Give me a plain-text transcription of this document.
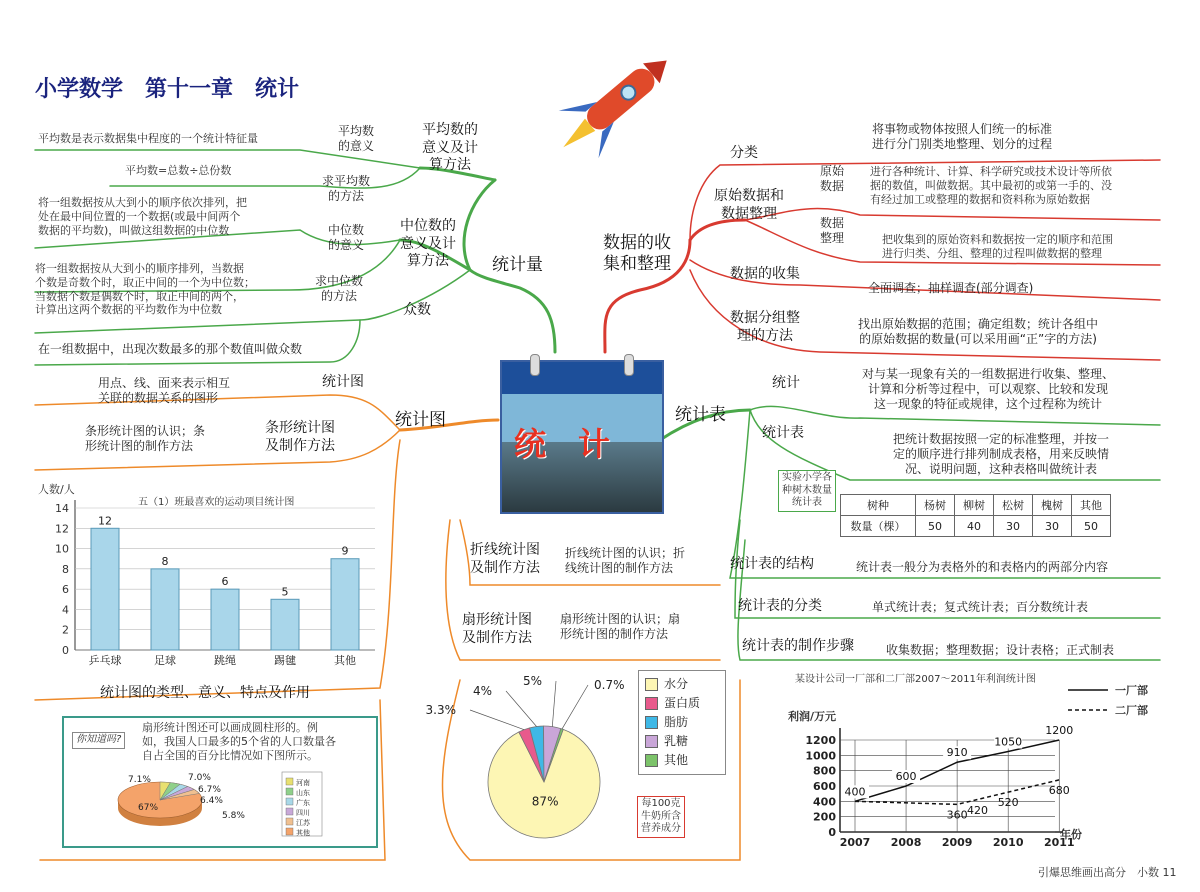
小学数学　第十一章　统计
统　计
统计量
平均数的
意义及计
算方法
平均数
的意义
平均数是表示数据集中程度的一个统计特征量
求平均数
的方法
平均数=总数÷总份数
中位数的
意义及计
算方法
中位数
的意义
将一组数据按从大到小的顺序依次排列，把
处在最中间位置的一个数据(或最中间两个
数据的平均数)，叫做这组数据的中位数
求中位数
的方法
将一组数据按从大到小的顺序排列，当数据
个数是奇数个时，取正中间的一个为中位数；
当数据个数是偶数个时，取正中间的两个，
计算出这两个数据的平均数作为中位数	众数
在一组数据中，出现次数最多的那个数值叫做众数
数据的收
集和整理
分类
将事物或物体按照人们统一的标准
进行分门别类地整理、划分的过程
原始数据和
数据整理
原始
数据
进行各种统计、计算、科学研究或技术设计等所依
据的数值，叫做数据。其中最初的或第一手的、没
有经过加工或整理的数据和资料称为原始数据
数据
整理	把收集到的原始资料和数据按一定的顺序和范围
进行归类、分组、整理的过程叫做数据的整理
数据的收集
全面调查；抽样调查(部分调查)
数据分组整
理的方法
找出原始数据的范围；确定组数；统计各组中
的原始数据的数量(可以采用画“正”字的方法)
统计表
统计
对与某一现象有关的一组数据进行收集、整理、
计算和分析等过程中，可以观察、比较和发现
这一现象的特征或规律，这个过程称为统计
统计表	把统计数据按照一定的标准整理，并按一
定的顺序进行排列制成表格，用来反映情
况、说明问题，这种表格叫做统计表
实验小学各
种树木数量
统计表	树种	杨树	柳树	松树	槐树	其他
数量（棵）	50	40	30	30	50
统计表的结构	统计表一般分为表格外的和表格内的两部分内容
统计表的分类	单式统计表；复式统计表；百分数统计表
统计表的制作步骤	收集数据；整理数据；设计表格；正式制表
统计图
统计图
用点、线、面来表示相互
关联的数据关系的图形
条形统计图
及制作方法
条形统计图的认识；条
形统计图的制作方法
折线统计图
及制作方法
折线统计图的认识；折
线统计图的制作方法
扇形统计图
及制作方法
扇形统计图的认识；扇
形统计图的制作方法
统计图的类型、意义、特点及作用
0
2
4
6
8
10
12
14
12
乒乓球
8
足球
6
跳绳
5
踢毽
9
其他
人数/人
五（1）班最喜欢的运动项目统计图
87%
3.3%
4%
5%	0.7%	水分
蛋白质
脂肪
乳糖
其他
每100克
牛奶所含
营养成分	0
200
400
600
800
1000
1200
2007 2008 2009 2010 2011
400
600
910
1050
1200
360 420
520
680
某设计公司一厂部和二厂部2007～2011年利润统计图
利润/万元
年份
一厂部
二厂部
你知道吗?
扇形统计图还可以画成圆柱形的。例
如，我国人口最多的5个省的人口数量各
自占全国的百分比情况如下图所示。
67%
7.1%	7.0%
6.7%
6.4%
5.8%
河南
山东
广东
四川
江苏
其他
引爆思维画出高分　小数 11
